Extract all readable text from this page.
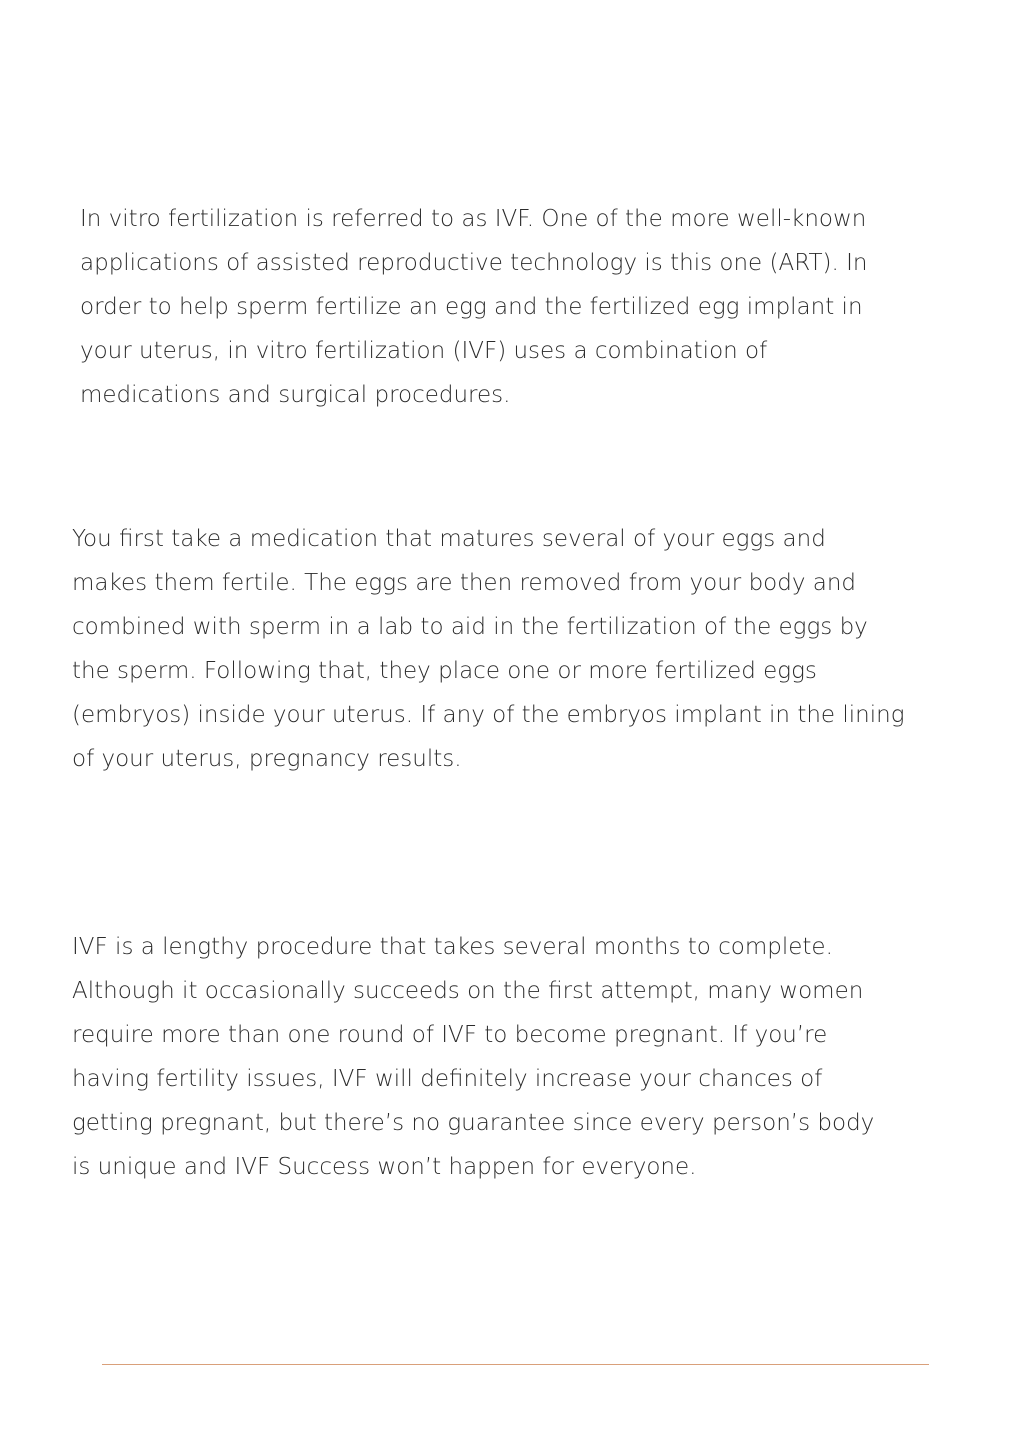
In vitro fertilization is referred to as IVF. One of the more well-known
applications of assisted reproductive technology is this one (ART). In
order to help sperm fertilize an egg and the fertilized egg implant in
your uterus, in vitro fertilization (IVF) uses a combination of
medications and surgical procedures.

You first take a medication that matures several of your eggs and
makes them fertile. The eggs are then removed from your body and
combined with sperm in a lab to aid in the fertilization of the eggs by
the sperm. Following that, they place one or more fertilized eggs
(embryos) inside your uterus. If any of the embryos implant in the lining
of your uterus, pregnancy results.

IVF is a lengthy procedure that takes several months to complete.
Although it occasionally succeeds on the first attempt, many women
require more than one round of IVF to become pregnant. If you’re
having fertility issues, IVF will definitely increase your chances of
getting pregnant, but there’s no guarantee since every person’s body
is unique and IVF Success won’t happen for everyone.
